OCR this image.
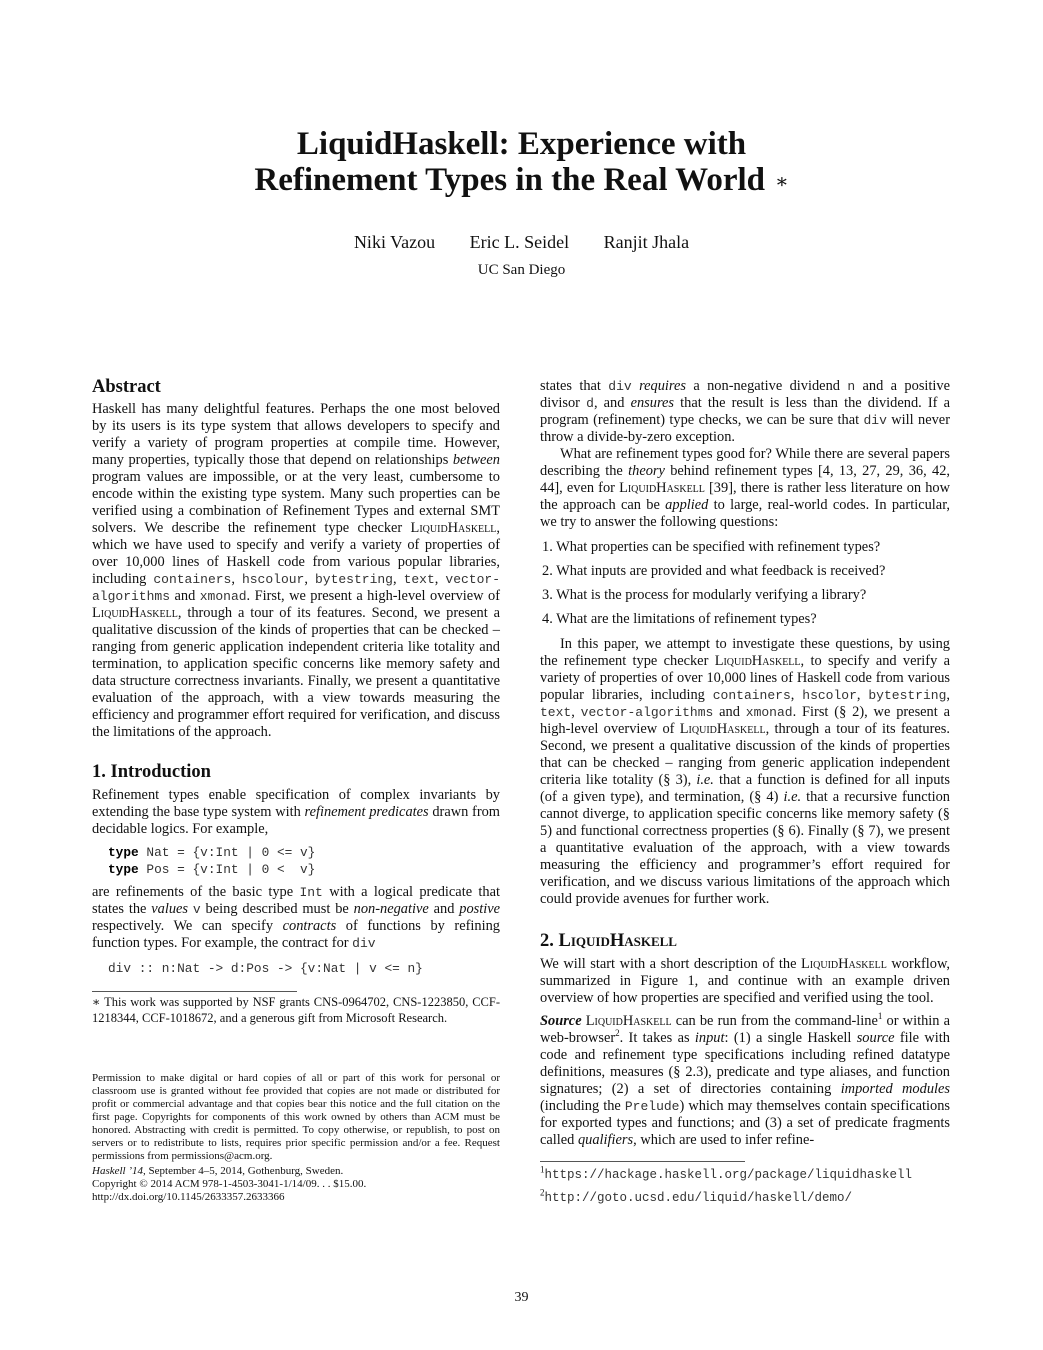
LiquidHaskell: Experience with
Refinement Types in the Real World ∗
Niki Vazou Eric L. Seidel Ranjit Jhala
UC San Diego
Abstract

Haskell has many delightful features. Perhaps the one most beloved by its users is its type system that allows developers to specify and verify a variety of program properties at compile time. However, many properties, typically those that depend on relationships between program values are impossible, or at the very least, cumbersome to encode within the existing type system. Many such properties can be verified using a combination of Refinement Types and external SMT solvers. We describe the refinement type checker LiquidHaskell, which we have used to specify and verify a variety of properties of over 10,000 lines of Haskell code from various popular libraries, including containers, hscolour, bytestring, text, vector-algorithms and xmonad. First, we present a high-level overview of LiquidHaskell, through a tour of its features. Second, we present a qualitative discussion of the kinds of properties that can be checked – ranging from generic application independent criteria like totality and termination, to application specific concerns like memory safety and data structure correctness invariants. Finally, we present a quantitative evaluation of the approach, with a view towards measuring the efficiency and programmer effort required for verification, and discuss the limitations of the approach.

1. Introduction

Refinement types enable specification of complex invariants by extending the base type system with refinement predicates drawn from decidable logics. For example,

type Nat = {v:Int | 0 <= v}
type Pos = {v:Int | 0 <  v}

are refinements of the basic type Int with a logical predicate that states the values v being described must be non-negative and postive respectively. We can specify contracts of functions by refining function types. For example, the contract for div

div :: n:Nat -> d:Pos -> {v:Nat | v <= n}

∗ This work was supported by NSF grants CNS-0964702, CNS-1223850, CCF-1218344, CCF-1018672, and a generous gift from Microsoft Research.

Permission to make digital or hard copies of all or part of this work for personal or classroom use is granted without fee provided that copies are not made or distributed for profit or commercial advantage and that copies bear this notice and the full citation on the first page. Copyrights for components of this work owned by others than ACM must be honored. Abstracting with credit is permitted. To copy otherwise, or republish, to post on servers or to redistribute to lists, requires prior specific permission and/or a fee. Request permissions from permissions@acm.org.

Haskell ’14, September 4–5, 2014, Gothenburg, Sweden.

Copyright © 2014 ACM 978-1-4503-3041-1/14/09. . . $15.00.

http://dx.doi.org/10.1145/2633357.2633366

states that div requires a non-negative dividend n and a positive divisor d, and ensures that the result is less than the dividend. If a program (refinement) type checks, we can be sure that div will never throw a divide-by-zero exception.

What are refinement types good for? While there are several papers describing the theory behind refinement types [4, 13, 27, 29, 36, 42, 44], even for LiquidHaskell [39], there is rather less literature on how the approach can be applied to large, real-world codes. In particular, we try to answer the following questions:

1. What properties can be specified with refinement types?
2. What inputs are provided and what feedback is received?
3. What is the process for modularly verifying a library?
4. What are the limitations of refinement types?

In this paper, we attempt to investigate these questions, by using the refinement type checker LiquidHaskell, to specify and verify a variety of properties of over 10,000 lines of Haskell code from various popular libraries, including containers, hscolor, bytestring, text, vector-algorithms and xmonad. First (§ 2), we present a high-level overview of LiquidHaskell, through a tour of its features. Second, we present a qualitative discussion of the kinds of properties that can be checked – ranging from generic application independent criteria like totality (§ 3), i.e. that a function is defined for all inputs (of a given type), and termination, (§ 4) i.e. that a recursive function cannot diverge, to application specific concerns like memory safety (§ 5) and functional correctness properties (§ 6). Finally (§ 7), we present a quantitative evaluation of the approach, with a view towards measuring the efficiency and programmer’s effort required for verification, and we discuss various limitations of the approach which could provide avenues for further work.

2. LiquidHaskell

We will start with a short description of the LiquidHaskell workflow, summarized in Figure 1, and continue with an example driven overview of how properties are specified and verified using the tool.

Source LiquidHaskell can be run from the command-line$^1$ or within a web-browser$^2$. It takes as input: (1) a single Haskell source file with code and refinement type specifications including refined datatype definitions, measures (§ 2.3), predicate and type aliases, and function signatures; (2) a set of directories containing imported modules (including the Prelude) which may themselves contain specifications for exported types and functions; and (3) a set of predicate fragments called qualifiers, which are used to infer refine-

$^1$https://hackage.haskell.org/package/liquidhaskell

$^2$http://goto.ucsd.edu/liquid/haskell/demo/

39
